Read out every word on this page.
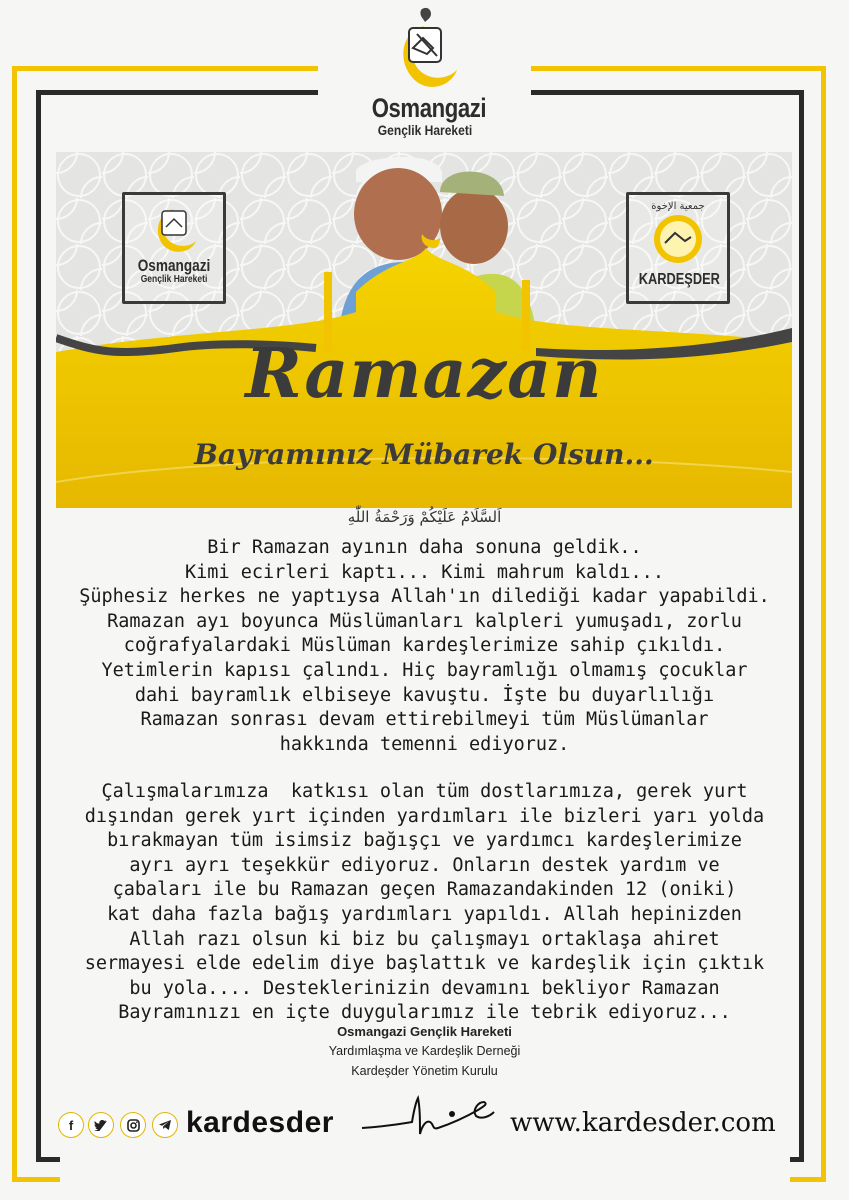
Osmangazi
Gençlik Hareketi
Osmangazi
Gençlik Hareketi
جمعية الإخوة
KARDEŞDER
Ramazan
Bayramınız Mübarek Olsun...
اَلسَّلَامُ عَلَيْكُمْ وَرَحْمَةُ اللّٰهِ
Bir Ramazan ayının daha sonuna geldik..
Kimi ecirleri kaptı... Kimi mahrum kaldı...
Şüphesiz herkes ne yaptıysa Allah'ın dilediği kadar yapabildi.
Ramazan ayı boyunca Müslümanları kalpleri yumuşadı, zorlu
coğrafyalardaki Müslüman kardeşlerimize sahip çıkıldı.
Yetimlerin kapısı çalındı. Hiç bayramlığı olmamış çocuklar
dahi bayramlık elbiseye kavuştu. İşte bu duyarlılığı
Ramazan sonrası devam ettirebilmeyi tüm Müslümanlar
hakkında temenni ediyoruz.
Çalışmalarımıza  katkısı olan tüm dostlarımıza, gerek yurt
dışından gerek yırt içinden yardımları ile bizleri yarı yolda
bırakmayan tüm isimsiz bağışçı ve yardımcı kardeşlerimize
ayrı ayrı teşekkür ediyoruz. Onların destek yardım ve
çabaları ile bu Ramazan geçen Ramazandakinden 12 (oniki)
kat daha fazla bağış yardımları yapıldı. Allah hepinizden
Allah razı olsun ki biz bu çalışmayı ortaklaşa ahiret
sermayesi elde edelim diye başlattık ve kardeşlik için çıktık
bu yola.... Desteklerinizin devamını bekliyor Ramazan
Bayramınızı en içte duygularımız ile tebrik ediyoruz...
Osmangazi Gençlik Hareketi
Yardımlaşma ve Kardeşlik Derneği
Kardeşder Yönetim Kurulu
f	kardesder	www.kardesder.com
